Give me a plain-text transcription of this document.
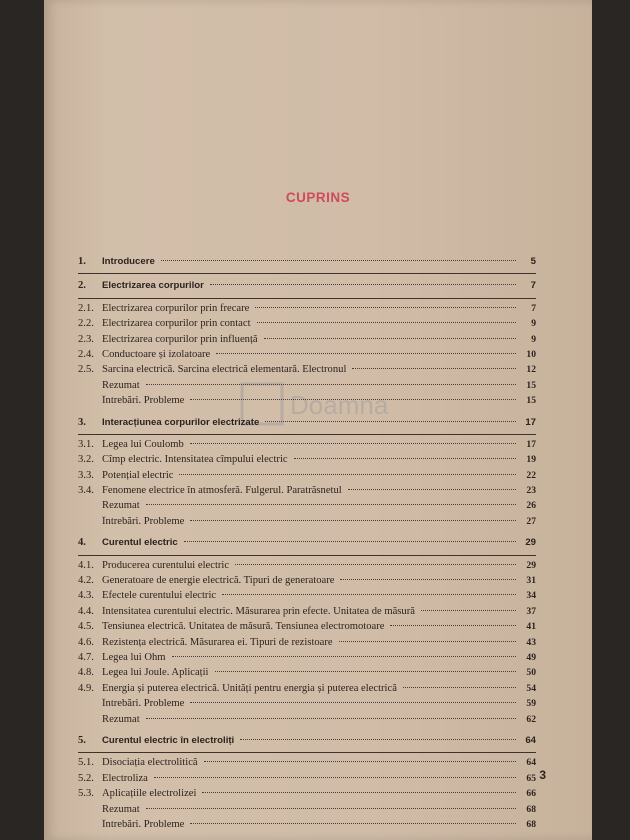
CUPRINS
Doamna
1.	Introducere	5
2.	Electrizarea corpurilor	7
2.1. Electrizarea corpurilor prin frecare	7
2.2. Electrizarea corpurilor prin contact	9
2.3. Electrizarea corpurilor prin influență	9
2.4. Conductoare și izolatoare	10
2.5. Sarcina electrică. Sarcina electrică elementară. Electronul	12
Rezumat	15
Întrebări. Probleme	15
3.	Interacțiunea corpurilor electrizate	17
3.1. Legea lui Coulomb	17
3.2. Cîmp electric. Intensitatea cîmpului electric	19
3.3. Potențial electric	22
3.4. Fenomene electrice în atmosferă. Fulgerul. Paratrăsnetul	23
Rezumat	26
Întrebări. Probleme	27
4.	Curentul electric	29
4.1. Producerea curentului electric	29
4.2. Generatoare de energie electrică. Tipuri de generatoare	31
4.3. Efectele curentului electric	34
4.4. Intensitatea curentului electric. Măsurarea prin efecte. Unitatea de măsură	37
4.5. Tensiunea electrică. Unitatea de măsură. Tensiunea electromotoare	41
4.6. Rezistența electrică. Măsurarea ei. Tipuri de rezistoare	43
4.7. Legea lui Ohm	49
4.8. Legea lui Joule. Aplicații	50
4.9. Energia și puterea electrică. Unități pentru energia și puterea electrică	54
Întrebări. Probleme	59
Rezumat	62
5.	Curentul electric în electroliți	64
5.1. Disociația electrolitică	64
5.2. Electroliza	65
5.3. Aplicațiile electrolizei	66
Rezumat	68
Întrebări. Probleme	68
3
